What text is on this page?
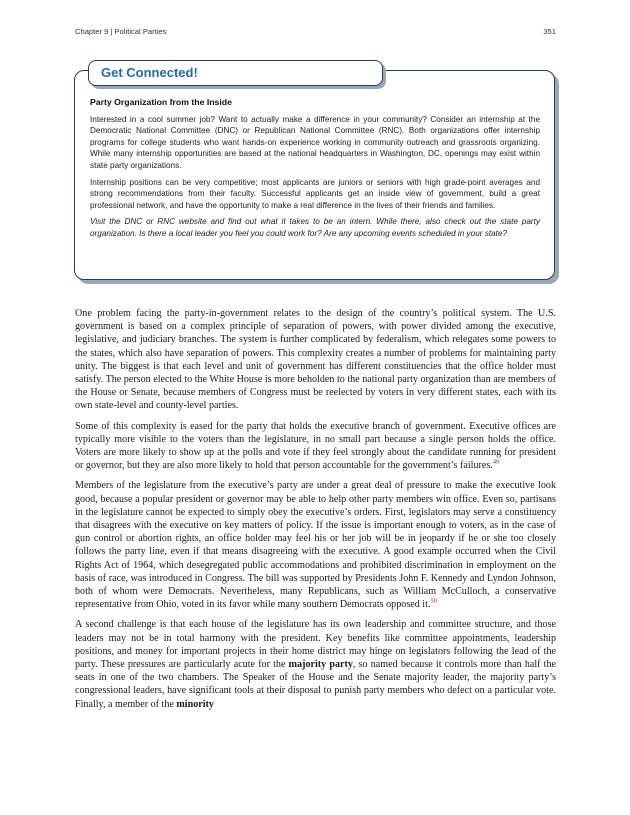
Chapter 9 | Political Parties	351
Get Connected!
Party Organization from the Inside

Interested in a cool summer job? Want to actually make a difference in your community? Consider an internship at the Democratic National Committee (DNC) or Republican National Committee (RNC). Both organizations offer internship programs for college students who want hands-on experience working in community outreach and grassroots organizing. While many internship opportunities are based at the national headquarters in Washington, DC, openings may exist within state party organizations.

Internship positions can be very competitive; most applicants are juniors or seniors with high grade-point averages and strong recommendations from their faculty. Successful applicants get an inside view of government, build a great professional network, and have the opportunity to make a real difference in the lives of their friends and families.

Visit the DNC or RNC website and find out what it takes to be an intern. While there, also check out the state party organization. Is there a local leader you feel you could work for? Are any upcoming events scheduled in your state?

One problem facing the party-in-government relates to the design of the country’s political system. The U.S. government is based on a complex principle of separation of powers, with power divided among the executive, legislative, and judiciary branches. The system is further complicated by federalism, which relegates some powers to the states, which also have separation of powers. This complexity creates a number of problems for maintaining party unity. The biggest is that each level and unit of government has different constituencies that the office holder must satisfy. The person elected to the White House is more beholden to the national party organization than are members of the House or Senate, because members of Congress must be reelected by voters in very different states, each with its own state-level and county-level parties.

Some of this complexity is eased for the party that holds the executive branch of government. Executive offices are typically more visible to the voters than the legislature, in no small part because a single person holds the office. Voters are more likely to show up at the polls and vote if they feel strongly about the candidate running for president or governor, but they are also more likely to hold that person accountable for the government’s failures.$^{49}$

Members of the legislature from the executive’s party are under a great deal of pressure to make the executive look good, because a popular president or governor may be able to help other party members win office. Even so, partisans in the legislature cannot be expected to simply obey the executive’s orders. First, legislators may serve a constituency that disagrees with the executive on key matters of policy. If the issue is important enough to voters, as in the case of gun control or abortion rights, an office holder may feel his or her job will be in jeopardy if he or she too closely follows the party line, even if that means disagreeing with the executive. A good example occurred when the Civil Rights Act of 1964, which desegregated public accommodations and prohibited discrimination in employment on the basis of race, was introduced in Congress. The bill was supported by Presidents John F. Kennedy and Lyndon Johnson, both of whom were Democrats. Nevertheless, many Republicans, such as William McCulloch, a conservative representative from Ohio, voted in its favor while many southern Democrats opposed it.$^{50}$

A second challenge is that each house of the legislature has its own leadership and committee structure, and those leaders may not be in total harmony with the president. Key benefits like committee appointments, leadership positions, and money for important projects in their home district may hinge on legislators following the lead of the party. These pressures are particularly acute for the majority party, so named because it controls more than half the seats in one of the two chambers. The Speaker of the House and the Senate majority leader, the majority party’s congressional leaders, have significant tools at their disposal to punish party members who defect on a particular vote. Finally, a member of the minority
